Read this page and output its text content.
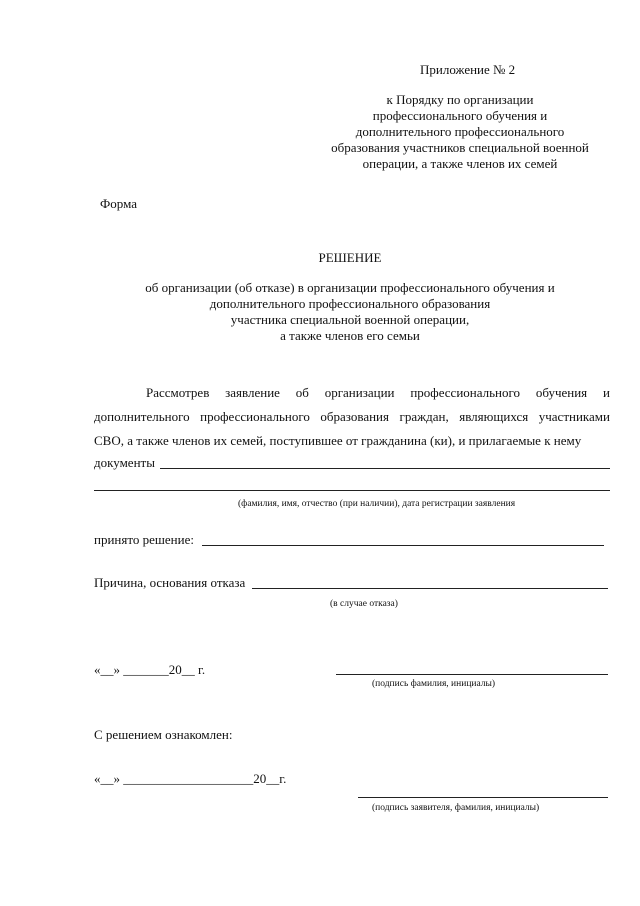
Приложение № 2
к Порядку по организации
профессионального обучения и
дополнительного профессионального
образования участников специальной военной
операции, а также членов их семей
Форма
РЕШЕНИЕ
об организации (об отказе) в организации профессионального обучения и
дополнительного профессионального образования
участника специальной военной операции,
а также членов его семьи
Рассмотрев заявление об организации профессионального обучения и
дополнительного профессионального образования граждан, являющихся участниками
СВО, а также членов их семей, поступившее от гражданина (ки), и прилагаемые к нему
документы
(фамилия, имя, отчество (при наличии), дата регистрации заявления
принято решение:
Причина, основания отказа
(в случае отказа)
«__» _______20__ г.
(подпись фамилия, инициалы)
С решением ознакомлен:
«__» ____________________20__г.
(подпись заявителя, фамилия, инициалы)
